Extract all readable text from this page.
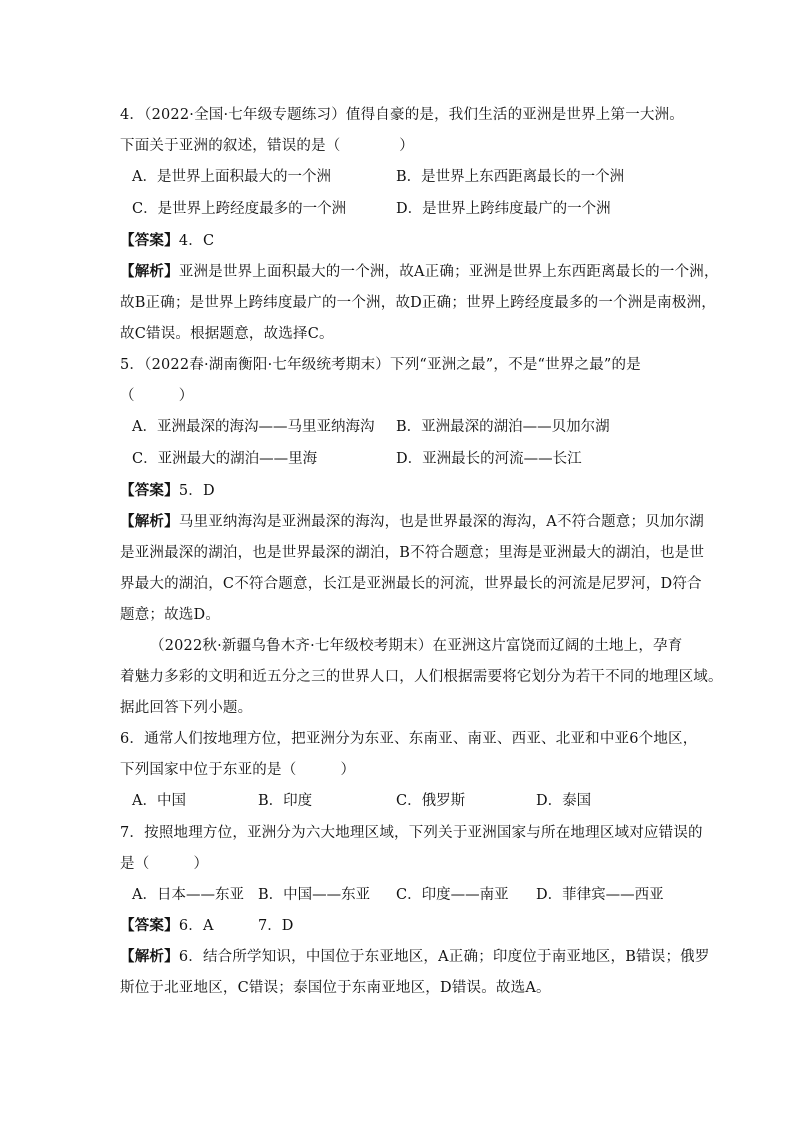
4．（2022·全国·七年级专题练习）值得自豪的是，我们生活的亚洲是世界上第一大洲。
下面关于亚洲的叙述，错误的是（　　　　）
A．是世界上面积最大的一个洲	B．是世界上东西距离最长的一个洲
C．是世界上跨经度最多的一个洲	D．是世界上跨纬度最广的一个洲
【答案】4．C
【解析】亚洲是世界上面积最大的一个洲，故A正确；亚洲是世界上东西距离最长的一个洲，
故B正确；是世界上跨纬度最广的一个洲，故D正确；世界上跨经度最多的一个洲是南极洲，
故C错误。根据题意，故选择C。
5．（2022春·湖南衡阳·七年级统考期末）下列“亚洲之最”，不是“世界之最”的是
（　　　）
A．亚洲最深的海沟——马里亚纳海沟 B．亚洲最深的湖泊——贝加尔湖
C．亚洲最大的湖泊——里海	D．亚洲最长的河流——长江
【答案】5．D
【解析】马里亚纳海沟是亚洲最深的海沟，也是世界最深的海沟，A不符合题意；贝加尔湖
是亚洲最深的湖泊，也是世界最深的湖泊，B不符合题意；里海是亚洲最大的湖泊，也是世
界最大的湖泊，C不符合题意，长江是亚洲最长的河流，世界最长的河流是尼罗河，D符合
题意；故选D。
（2022秋·新疆乌鲁木齐·七年级校考期末）在亚洲这片富饶而辽阔的土地上，孕育
着魅力多彩的文明和近五分之三的世界人口，人们根据需要将它划分为若干不同的地理区域。
据此回答下列小题。
6．通常人们按地理方位，把亚洲分为东亚、东南亚、南亚、西亚、北亚和中亚6个地区，
下列国家中位于东亚的是（　　　）
A．中国	B．印度	C．俄罗斯	D．泰国
7．按照地理方位，亚洲分为六大地理区域，下列关于亚洲国家与所在地理区域对应错误的
是（　　　）
A．日本——东亚 B．中国——东亚 C．印度——南亚 D．菲律宾——西亚
【答案】6．A	7．D
【解析】6．结合所学知识，中国位于东亚地区，A正确；印度位于南亚地区，B错误；俄罗
斯位于北亚地区，C错误；泰国位于东南亚地区，D错误。故选A。
